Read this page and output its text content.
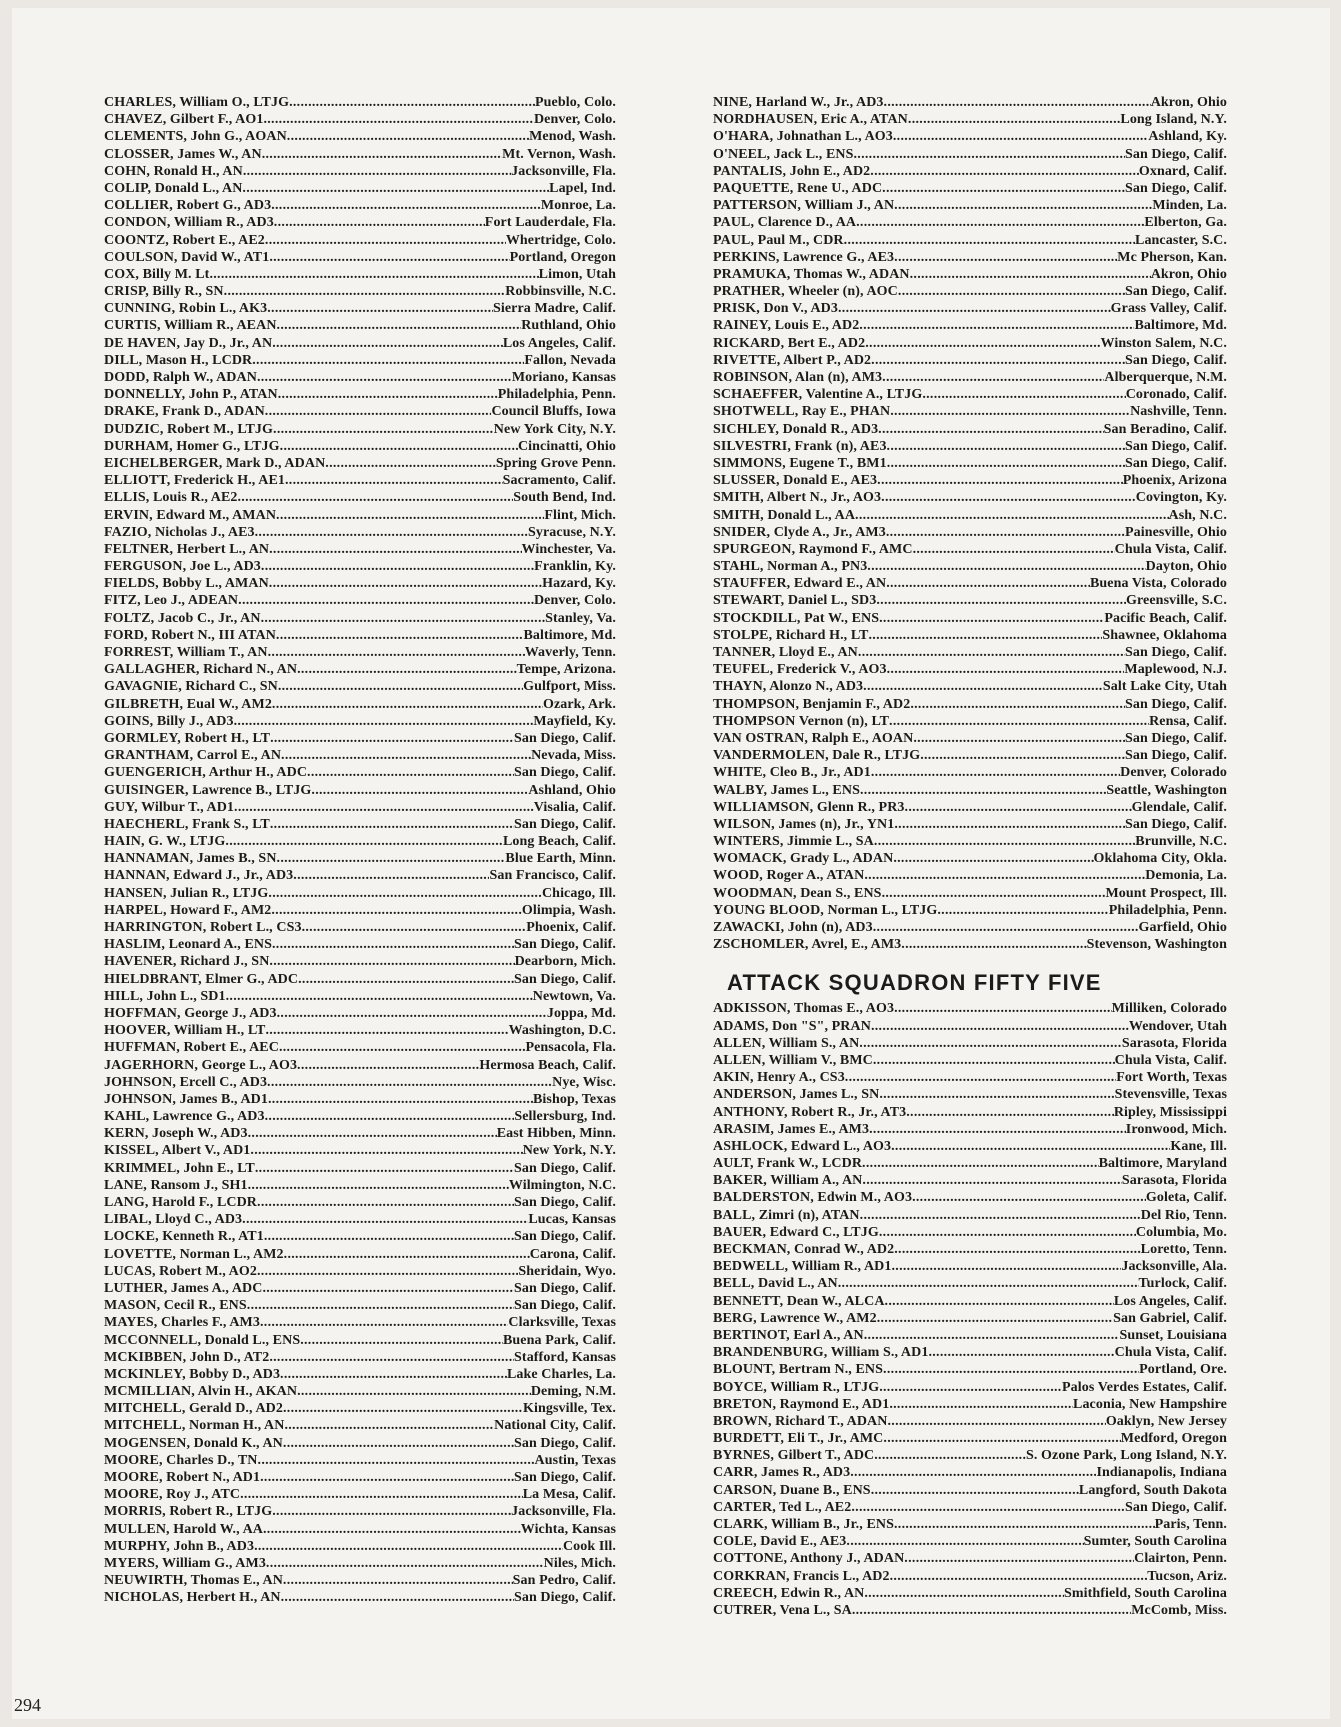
CHARLES, William O., LTJG . . .	Pueblo, Colo.
CHAVEZ, Gilbert F., AO1 . . .	Denver, Colo.
CLEMENTS, John G., AOAN . . .	Menod, Wash.
CLOSSER, James W., AN . . .	Mt. Vernon, Wash.
COHN, Ronald H., AN . . .	Jacksonville, Fla.
COLIP, Donald L., AN . . .	Lapel, Ind.
COLLIER, Robert G., AD3 . . .	Monroe, La.
CONDON, William R., AD3 . . .	Fort Lauderdale, Fla.
COONTZ, Robert E., AE2 . . .	Whertridge, Colo.
COULSON, David W., AT1 . . .	Portland, Oregon
COX, Billy M. Lt . . .	Limon, Utah
CRISP, Billy R., SN . . .	Robbinsville, N.C.
CUNNING, Robin L., AK3 . . .	Sierra Madre, Calif.
CURTIS, William R., AEAN . . .	Ruthland, Ohio
DE HAVEN, Jay D., Jr., AN . . .	Los Angeles, Calif.
DILL, Mason H., LCDR . . .	Fallon, Nevada
DODD, Ralph W., ADAN . . .	Moriano, Kansas
DONNELLY, John P., ATAN . . .	Philadelphia, Penn.
DRAKE, Frank D., ADAN . . .	Council Bluffs, Iowa
DUDZIC, Robert M., LTJG . . .	New York City, N.Y.
DURHAM, Homer G., LTJG . . .	Cincinatti, Ohio
EICHELBERGER, Mark D., ADAN . . .	Spring Grove Penn.
ELLIOTT, Frederick H., AE1 . . .	Sacramento, Calif.
ELLIS, Louis R., AE2 . . .	South Bend, Ind.
ERVIN, Edward M., AMAN . . .	Flint, Mich.
FAZIO, Nicholas J., AE3 . . .	Syracuse, N.Y.
FELTNER, Herbert L., AN . . .	Winchester, Va.
FERGUSON, Joe L., AD3 . . .	Franklin, Ky.
FIELDS, Bobby L., AMAN . . .	Hazard, Ky.
FITZ, Leo J., ADEAN . . .	Denver, Colo.
FOLTZ, Jacob C., Jr., AN . . .	Stanley, Va.
FORD, Robert N., III ATAN . . .	Baltimore, Md.
FORREST, William T., AN . . .	Waverly, Tenn.
GALLAGHER, Richard N., AN . . .	Tempe, Arizona.
GAVAGNIE, Richard C., SN . . .	Gulfport, Miss.
GILBRETH, Eual W., AM2 . . .	Ozark, Ark.
GOINS, Billy J., AD3 . . .	Mayfield, Ky.
GORMLEY, Robert H., LT . . .	San Diego, Calif.
GRANTHAM, Carrol E., AN . . .	Nevada, Miss.
GUENGERICH, Arthur H., ADC . . .	San Diego, Calif.
GUISINGER, Lawrence B., LTJG . . .	Ashland, Ohio
GUY, Wilbur T., AD1 . . .	Visalia, Calif.
HAECHERL, Frank S., LT . . .	San Diego, Calif.
HAIN, G. W., LTJG . . .	Long Beach, Calif.
HANNAMAN, James B., SN . . .	Blue Earth, Minn.
HANNAN, Edward J., Jr., AD3 . . .	San Francisco, Calif.
HANSEN, Julian R., LTJG . . .	Chicago, Ill.
HARPEL, Howard F., AM2 . . .	Olimpia, Wash.
HARRINGTON, Robert L., CS3 . . .	Phoenix, Calif.
HASLIM, Leonard A., ENS . . .	San Diego, Calif.
HAVENER, Richard J., SN . . .	Dearborn, Mich.
HIELDBRANT, Elmer G., ADC . . .	San Diego, Calif.
HILL, John L., SD1 . . .	Newtown, Va.
HOFFMAN, George J., AD3 . . .	Joppa, Md.
HOOVER, William H., LT . . .	Washington, D.C.
HUFFMAN, Robert E., AEC . . .	Pensacola, Fla.
JAGERHORN, George L., AO3 . . .	Hermosa Beach, Calif.
JOHNSON, Ercell C., AD3 . . .	Nye, Wisc.
JOHNSON, James B., AD1 . . .	Bishop, Texas
KAHL, Lawrence G., AD3 . . .	Sellersburg, Ind.
KERN, Joseph W., AD3 . . .	East Hibben, Minn.
KISSEL, Albert V., AD1 . . .	New York, N.Y.
KRIMMEL, John E., LT . . .	San Diego, Calif.
LANE, Ransom J., SH1 . . .	Wilmington, N.C.
LANG, Harold F., LCDR . . .	San Diego, Calif.
LIBAL, Lloyd C., AD3 . . .	Lucas, Kansas
LOCKE, Kenneth R., AT1 . . .	San Diego, Calif.
LOVETTE, Norman L., AM2 . . .	Carona, Calif.
LUCAS, Robert M., AO2 . . .	Sheridain, Wyo.
LUTHER, James A., ADC . . .	San Diego, Calif.
MASON, Cecil R., ENS . . .	San Diego, Calif.
MAYES, Charles F., AM3 . . .	Clarksville, Texas
MCCONNELL, Donald L., ENS . . .	Buena Park, Calif.
MCKIBBEN, John D., AT2 . . .	Stafford, Kansas
MCKINLEY, Bobby D., AD3 . . .	Lake Charles, La.
MCMILLIAN, Alvin H., AKAN . . .	Deming, N.M.
MITCHELL, Gerald D., AD2 . . .	Kingsville, Tex.
MITCHELL, Norman H., AN . . .	National City, Calif.
MOGENSEN, Donald K., AN . . .	San Diego, Calif.
MOORE, Charles D., TN . . .	Austin, Texas
MOORE, Robert N., AD1 . . .	San Diego, Calif.
MOORE, Roy J., ATC . . .	La Mesa, Calif.
MORRIS, Robert R., LTJG . . .	Jacksonville, Fla.
MULLEN, Harold W., AA . . .	Wichta, Kansas
MURPHY, John B., AD3 . . .	Cook Ill.
MYERS, William G., AM3 . . .	Niles, Mich.
NEUWIRTH, Thomas E., AN . . .	San Pedro, Calif.
NICHOLAS, Herbert H., AN . . .	San Diego, Calif.
NINE, Harland W., Jr., AD3 . . .	Akron, Ohio
NORDHAUSEN, Eric A., ATAN . . .	Long Island, N.Y.
O'HARA, Johnathan L., AO3 . . .	Ashland, Ky.
O'NEEL, Jack L., ENS . . .	San Diego, Calif.
PANTALIS, John E., AD2 . . .	Oxnard, Calif.
PAQUETTE, Rene U., ADC . . .	San Diego, Calif.
PATTERSON, William J., AN . . .	Minden, La.
PAUL, Clarence D., AA . . .	Elberton, Ga.
PAUL, Paul M., CDR . . .	Lancaster, S.C.
PERKINS, Lawrence G., AE3 . . .	Mc Pherson, Kan.
PRAMUKA, Thomas W., ADAN . . .	Akron, Ohio
PRATHER, Wheeler (n), AOC . . .	San Diego, Calif.
PRISK, Don V., AD3 . . .	Grass Valley, Calif.
RAINEY, Louis E., AD2 . . .	Baltimore, Md.
RICKARD, Bert E., AD2 . . .	Winston Salem, N.C.
RIVETTE, Albert P., AD2 . . .	San Diego, Calif.
ROBINSON, Alan (n), AM3 . . .	Alberquerque, N.M.
SCHAEFFER, Valentine A., LTJG . . .	Coronado, Calif.
SHOTWELL, Ray E., PHAN . . .	Nashville, Tenn.
SICHLEY, Donald R., AD3 . . .	San Beradino, Calif.
SILVESTRI, Frank (n), AE3 . . .	San Diego, Calif.
SIMMONS, Eugene T., BM1 . . .	San Diego, Calif.
SLUSSER, Donald E., AE3 . . .	Phoenix, Arizona
SMITH, Albert N., Jr., AO3 . . .	Covington, Ky.
SMITH, Donald L., AA . . .	Ash, N.C.
SNIDER, Clyde A., Jr., AM3 . . .	Painesville, Ohio
SPURGEON, Raymond F., AMC . . .	Chula Vista, Calif.
STAHL, Norman A., PN3 . . .	Dayton, Ohio
STAUFFER, Edward E., AN . . .	Buena Vista, Colorado
STEWART, Daniel L., SD3 . . .	Greensville, S.C.
STOCKDILL, Pat W., ENS . . .	Pacific Beach, Calif.
STOLPE, Richard H., LT . . .	Shawnee, Oklahoma
TANNER, Lloyd E., AN . . .	San Diego, Calif.
TEUFEL, Frederick V., AO3 . . .	Maplewood, N.J.
THAYN, Alonzo N., AD3 . . .	Salt Lake City, Utah
THOMPSON, Benjamin F., AD2 . . .	San Diego, Calif.
THOMPSON Vernon (n), LT . . .	Rensa, Calif.
VAN OSTRAN, Ralph E., AOAN . . .	San Diego, Calif.
VANDERMOLEN, Dale R., LTJG . . .	San Diego, Calif.
WHITE, Cleo B., Jr., AD1 . . .	Denver, Colorado
WALBY, James L., ENS . . .	Seattle, Washington
WILLIAMSON, Glenn R., PR3 . . .	Glendale, Calif.
WILSON, James (n), Jr., YN1 . . .	San Diego, Calif.
WINTERS, Jimmie L., SA . . .	Brunville, N.C.
WOMACK, Grady L., ADAN . . .	Oklahoma City, Okla.
WOOD, Roger A., ATAN . . .	Demonia, La.
WOODMAN, Dean S., ENS . . .	Mount Prospect, Ill.
YOUNG BLOOD, Norman L., LTJG . . .	Philadelphia, Penn.
ZAWACKI, John (n), AD3 . . .	Garfield, Ohio
ZSCHOMLER, Avrel, E., AM3 . . .	Stevenson, Washington
ATTACK SQUADRON FIFTY FIVE
ADKISSON, Thomas E., AO3 . . .	Milliken, Colorado
ADAMS, Don "S", PRAN . . .	Wendover, Utah
ALLEN, William S., AN . . .	Sarasota, Florida
ALLEN, William V., BMC . . .	Chula Vista, Calif.
AKIN, Henry A., CS3 . . .	Fort Worth, Texas
ANDERSON, James L., SN . . .	Stevensville, Texas
ANTHONY, Robert R., Jr., AT3 . . .	Ripley, Mississippi
ARASIM, James E., AM3 . . .	Ironwood, Mich.
ASHLOCK, Edward L., AO3 . . .	Kane, Ill.
AULT, Frank W., LCDR . . .	Baltimore, Maryland
BAKER, William A., AN . . .	Sarasota, Florida
BALDERSTON, Edwin M., AO3 . . .	Goleta, Calif.
BALL, Zimri (n), ATAN . . .	Del Rio, Tenn.
BAUER, Edward C., LTJG . . .	Columbia, Mo.
BECKMAN, Conrad W., AD2 . . .	Loretto, Tenn.
BEDWELL, William R., AD1 . . .	Jacksonville, Ala.
BELL, David L., AN . . .	Turlock, Calif.
BENNETT, Dean W., ALCA . . .	Los Angeles, Calif.
BERG, Lawrence W., AM2 . . .	San Gabriel, Calif.
BERTINOT, Earl A., AN . . .	Sunset, Louisiana
BRANDENBURG, William S., AD1 . . .	Chula Vista, Calif.
BLOUNT, Bertram N., ENS . . .	Portland, Ore.
BOYCE, William R., LTJG . . .	Palos Verdes Estates, Calif.
BRETON, Raymond E., AD1 . . .	Laconia, New Hampshire
BROWN, Richard T., ADAN . . .	Oaklyn, New Jersey
BURDETT, Eli T., Jr., AMC . . .	Medford, Oregon
BYRNES, Gilbert T., ADC . . .	S. Ozone Park, Long Island, N.Y.
CARR, James R., AD3 . . .	Indianapolis, Indiana
CARSON, Duane B., ENS . . .	Langford, South Dakota
CARTER, Ted L., AE2 . . .	San Diego, Calif.
CLARK, William B., Jr., ENS . . .	Paris, Tenn.
COLE, David E., AE3 . . .	Sumter, South Carolina
COTTONE, Anthony J., ADAN . . .	Clairton, Penn.
CORKRAN, Francis L., AD2 . . .	Tucson, Ariz.
CREECH, Edwin R., AN . . .	Smithfield, South Carolina
CUTRER, Vena L., SA . . .	McComb, Miss.
294
